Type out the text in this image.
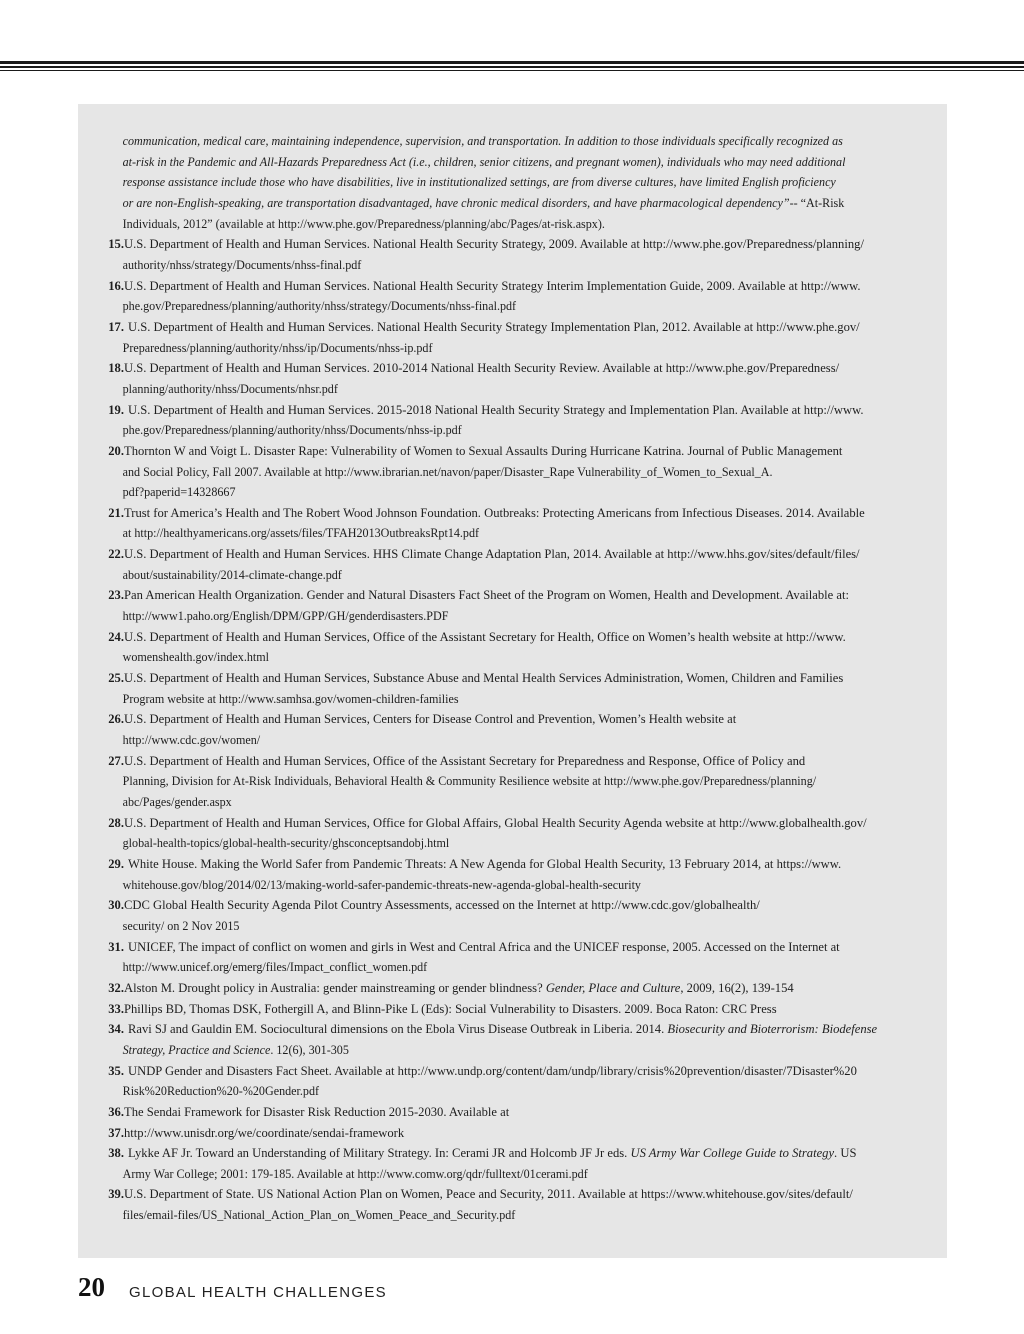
communication, medical care, maintaining independence, supervision, and transportation. In addition to those individuals specifically recognized as at-risk in the Pandemic and All-Hazards Preparedness Act (i.e., children, senior citizens, and pregnant women), individuals who may need additional response assistance include those who have disabilities, live in institutionalized settings, are from diverse cultures, have limited English proficiency or are non-English-speaking, are transportation disadvantaged, have chronic medical disorders, and have pharmacological dependency”-- “At-Risk Individuals, 2012” (available at http://www.phe.gov/Preparedness/planning/abc/Pages/at-risk.aspx).
15. U.S. Department of Health and Human Services. National Health Security Strategy, 2009. Available at http://www.phe.gov/Preparedness/planning/
authority/nhss/strategy/Documents/nhss-final.pdf
16. U.S. Department of Health and Human Services. National Health Security Strategy Interim Implementation Guide, 2009. Available at http://www.
phe.gov/Preparedness/planning/authority/nhss/strategy/Documents/nhss-final.pdf
17. U.S. Department of Health and Human Services. National Health Security Strategy Implementation Plan, 2012. Available at http://www.phe.gov/
Preparedness/planning/authority/nhss/ip/Documents/nhss-ip.pdf
18. U.S. Department of Health and Human Services. 2010-2014 National Health Security Review. Available at http://www.phe.gov/Preparedness/
planning/authority/nhss/Documents/nhsr.pdf
19. U.S. Department of Health and Human Services. 2015-2018 National Health Security Strategy and Implementation Plan. Available at http://www.
phe.gov/Preparedness/planning/authority/nhss/Documents/nhss-ip.pdf
20. Thornton W and Voigt L. Disaster Rape: Vulnerability of Women to Sexual Assaults During Hurricane Katrina. Journal of Public Management
and Social Policy, Fall 2007. Available at http://www.ibrarian.net/navon/paper/Disaster_Rape Vulnerability_of_Women_to_Sexual_A. pdf?paperid=14328667
21. Trust for America’s Health and The Robert Wood Johnson Foundation. Outbreaks: Protecting Americans from Infectious Diseases. 2014. Available
at http://healthyamericans.org/assets/files/TFAH2013OutbreaksRpt14.pdf
22. U.S. Department of Health and Human Services. HHS Climate Change Adaptation Plan, 2014. Available at http://www.hhs.gov/sites/default/files/
about/sustainability/2014-climate-change.pdf
23. Pan American Health Organization. Gender and Natural Disasters Fact Sheet of the Program on Women, Health and Development. Available at:
http://www1.paho.org/English/DPM/GPP/GH/genderdisasters.PDF
24. U.S. Department of Health and Human Services, Office of the Assistant Secretary for Health, Office on Women’s health website at http://www.
womenshealth.gov/index.html
25. U.S. Department of Health and Human Services, Substance Abuse and Mental Health Services Administration, Women, Children and Families
Program website at http://www.samhsa.gov/women-children-families
26. U.S. Department of Health and Human Services, Centers for Disease Control and Prevention, Women’s Health website at
http://www.cdc.gov/women/
27. U.S. Department of Health and Human Services, Office of the Assistant Secretary for Preparedness and Response, Office of Policy and
Planning, Division for At-Risk Individuals, Behavioral Health & Community Resilience website at http://www.phe.gov/Preparedness/planning/ abc/Pages/gender.aspx
28. U.S. Department of Health and Human Services, Office for Global Affairs, Global Health Security Agenda website at http://www.globalhealth.gov/
global-health-topics/global-health-security/ghsconceptsandobj.html
29. White House. Making the World Safer from Pandemic Threats: A New Agenda for Global Health Security, 13 February 2014, at https://www.
whitehouse.gov/blog/2014/02/13/making-world-safer-pandemic-threats-new-agenda-global-health-security
30. CDC Global Health Security Agenda Pilot Country Assessments, accessed on the Internet at http://www.cdc.gov/globalhealth/
security/ on 2 Nov 2015
31. UNICEF, The impact of conflict on women and girls in West and Central Africa and the UNICEF response, 2005. Accessed on the Internet at
http://www.unicef.org/emerg/files/Impact_conflict_women.pdf
32. Alston M. Drought policy in Australia: gender mainstreaming or gender blindness? Gender, Place and Culture, 2009, 16(2), 139-154
33. Phillips BD, Thomas DSK, Fothergill A, and Blinn-Pike L (Eds): Social Vulnerability to Disasters. 2009. Boca Raton: CRC Press
34. Ravi SJ and Gauldin EM. Sociocultural dimensions on the Ebola Virus Disease Outbreak in Liberia. 2014. Biosecurity and Bioterrorism: Biodefense
Strategy, Practice and Science. 12(6), 301-305
35. UNDP Gender and Disasters Fact Sheet. Available at http://www.undp.org/content/dam/undp/library/crisis%20prevention/disaster/7Disaster%20
Risk%20Reduction%20-%20Gender.pdf
36. The Sendai Framework for Disaster Risk Reduction 2015-2030. Available at
37. http://www.unisdr.org/we/coordinate/sendai-framework
38. Lykke AF Jr. Toward an Understanding of Military Strategy. In: Cerami JR and Holcomb JF Jr eds. US Army War College Guide to Strategy. US
Army War College; 2001: 179-185. Available at http://www.comw.org/qdr/fulltext/01cerami.pdf
39. U.S. Department of State. US National Action Plan on Women, Peace and Security, 2011. Available at https://www.whitehouse.gov/sites/default/
files/email-files/US_National_Action_Plan_on_Women_Peace_and_Security.pdf
20 GLOBAL HEALTH CHALLENGES
